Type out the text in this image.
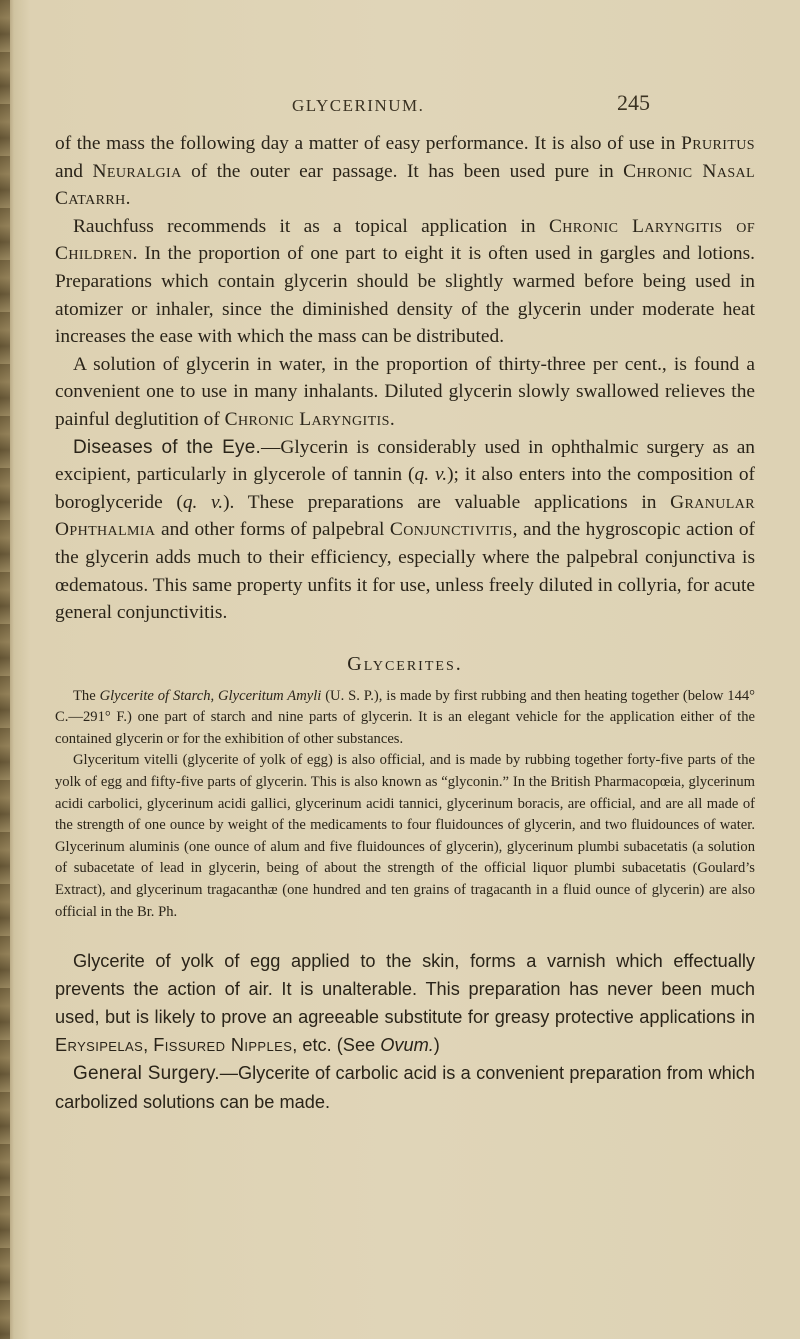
GLYCERINUM.	245

of the mass the following day a matter of easy performance. It is also of use in Pruritus and Neuralgia of the outer ear passage. It has been used pure in Chronic Nasal Catarrh.

Rauchfuss recommends it as a topical application in Chronic Laryngitis of Children. In the proportion of one part to eight it is often used in gargles and lotions. Preparations which contain glycerin should be slightly warmed before being used in atomizer or inhaler, since the diminished density of the glycerin under moderate heat increases the ease with which the mass can be distributed.

A solution of glycerin in water, in the proportion of thirty-three per cent., is found a convenient one to use in many inhalants. Diluted glycerin slowly swallowed relieves the painful deglutition of Chronic Laryngitis.

Diseases of the Eye.—Glycerin is considerably used in ophthalmic surgery as an excipient, particularly in glycerole of tannin (q. v.); it also enters into the composition of boroglyceride (q. v.). These preparations are valuable applications in Granular Ophthalmia and other forms of palpebral Conjunctivitis, and the hygroscopic action of the glycerin adds much to their efficiency, especially where the palpebral conjunctiva is œdematous. This same property unfits it for use, unless freely diluted in collyria, for acute general conjunctivitis.

Glycerites.

The Glycerite of Starch, Glyceritum Amyli (U. S. P.), is made by first rubbing and then heating together (below 144° C.—291° F.) one part of starch and nine parts of glycerin. It is an elegant vehicle for the application either of the contained glycerin or for the exhibition of other substances.

Glyceritum vitelli (glycerite of yolk of egg) is also official, and is made by rubbing together forty-five parts of the yolk of egg and fifty-five parts of glycerin. This is also known as “glyconin.” In the British Pharmacopœia, glycerinum acidi carbolici, glycerinum acidi gallici, glycerinum acidi tannici, glycerinum boracis, are official, and are all made of the strength of one ounce by weight of the medicaments to four fluidounces of glycerin, and two fluidounces of water. Glycerinum aluminis (one ounce of alum and five fluidounces of glycerin), glycerinum plumbi subacetatis (a solution of subacetate of lead in glycerin, being of about the strength of the official liquor plumbi subacetatis (Goulard’s Extract), and glycerinum tragacanthæ (one hundred and ten grains of tragacanth in a fluid ounce of glycerin) are also official in the Br. Ph.

Glycerite of yolk of egg applied to the skin, forms a varnish which effectually prevents the action of air. It is unalterable. This preparation has never been much used, but is likely to prove an agreeable substitute for greasy protective applications in Erysipelas, Fissured Nipples, etc. (See Ovum.)

General Surgery.—Glycerite of carbolic acid is a convenient preparation from which carbolized solutions can be made.
